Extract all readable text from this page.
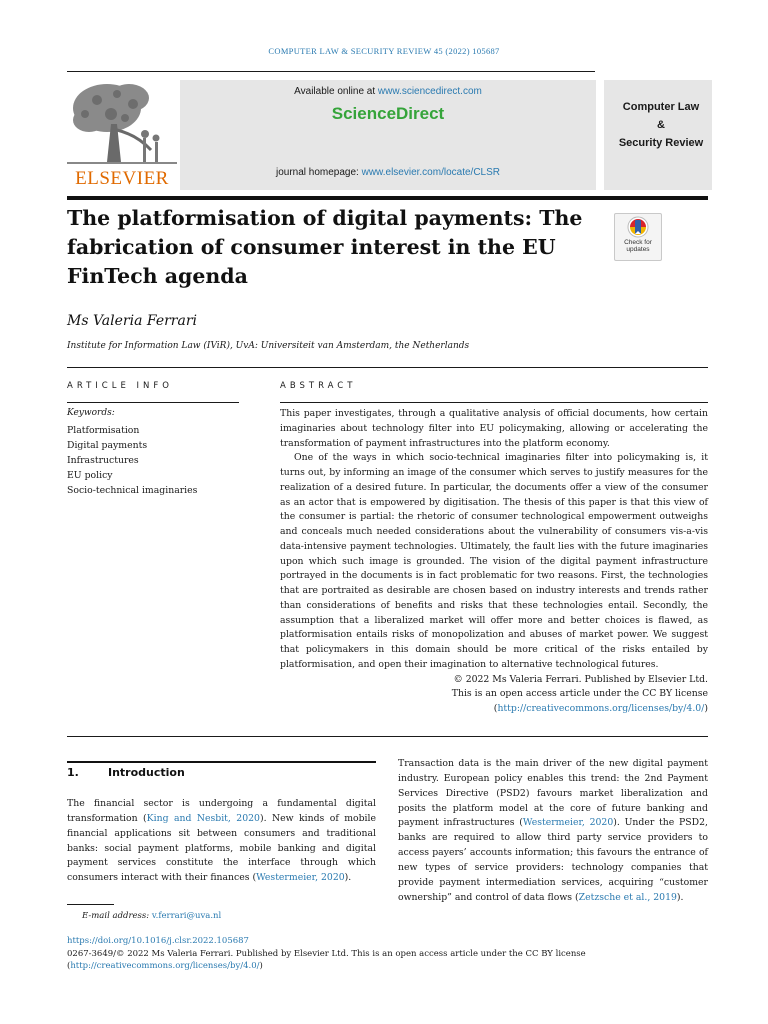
COMPUTER LAW & SECURITY REVIEW 45 (2022) 105687
ELSEVIER
Available online at www.sciencedirect.com
ScienceDirect
journal homepage: www.elsevier.com/locate/CLSR
Computer Law
&
Security Review
The platformisation of digital payments: The fabrication of consumer interest in the EU FinTech agenda
Check for
updates
Ms Valeria Ferrari
Institute for Information Law (IViR), UvA: Universiteit van Amsterdam, the Netherlands
ARTICLE INFO
Keywords:
Platformisation
Digital payments
Infrastructures
EU policy
Socio-technical imaginaries
ABSTRACT

This paper investigates, through a qualitative analysis of official documents, how certain imaginaries about technology filter into EU policymaking, allowing or accelerating the transformation of payment infrastructures into the platform economy.

One of the ways in which socio-technical imaginaries filter into policymaking is, it turns out, by informing an image of the consumer which serves to justify measures for the realization of a desired future. In particular, the documents offer a view of the consumer as an actor that is empowered by digitisation. The thesis of this paper is that this view of the consumer is partial: the rhetoric of consumer technological empowerment outweighs and conceals much needed considerations about the vulnerability of consumers vis-a-vis data-intensive payment technologies. Ultimately, the fault lies with the future imaginaries upon which such image is grounded. The vision of the digital payment infrastructure portrayed in the documents is in fact problematic for two reasons. First, the technologies that are portraited as desirable are chosen based on industry interests and trends rather than considerations of benefits and risks that these technologies entail. Secondly, the assumption that a liberalized market will offer more and better choices is flawed, as platformisation entails risks of monopolization and abuses of market power. We suggest that policymakers in this domain should be more critical of the risks entailed by platformisation, and open their imagination to alternative technological futures.

© 2022 Ms Valeria Ferrari. Published by Elsevier Ltd.

This is an open access article under the CC BY license

(http://creativecommons.org/licenses/by/4.0/)

1.	Introduction

The financial sector is undergoing a fundamental digital transformation (King and Nesbit, 2020). New kinds of mobile financial applications sit between consumers and traditional banks: social payment platforms, mobile banking and digital payment services constitute the interface through which consumers interact with their finances (Westermeier, 2020).

Transaction data is the main driver of the new digital payment industry. European policy enables this trend: the 2nd Payment Services Directive (PSD2) favours market liberalization and posits the platform model at the core of future banking and payment infrastructures (Westermeier, 2020). Under the PSD2, banks are required to allow third party service providers to access payers’ accounts information; this favours the entrance of new types of service providers: technology companies that provide payment intermediation services, acquiring “customer ownership” and control of data flows (Zetzsche et al., 2019).

E-mail address: v.ferrari@uva.nl
https://doi.org/10.1016/j.clsr.2022.105687
0267-3649/© 2022 Ms Valeria Ferrari. Published by Elsevier Ltd. This is an open access article under the CC BY license
(http://creativecommons.org/licenses/by/4.0/)
